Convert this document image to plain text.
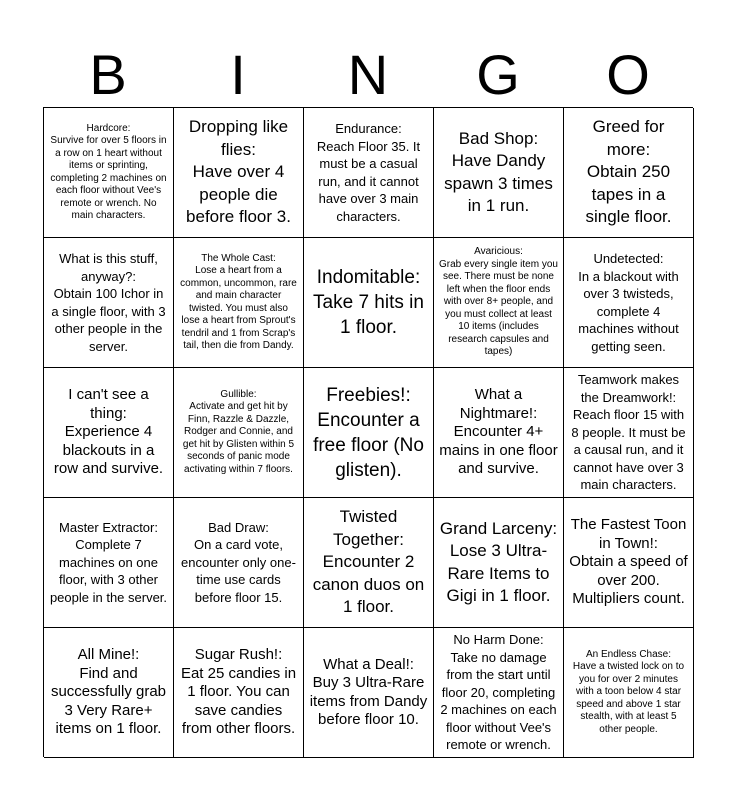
B	I	N	G	O
Hardcore:
Survive for over 5 floors in a row on 1 heart without items or sprinting, completing 2 machines on each floor without Vee's remote or wrench. No main characters.
Dropping like flies:
Have over 4 people die before floor 3.
Endurance:
Reach Floor 35. It must be a casual run, and it cannot have over 3 main characters.
Bad Shop:
Have Dandy spawn 3 times in 1 run.
Greed for more:
Obtain 250 tapes in a single floor.
What is this stuff, anyway?:
Obtain 100 Ichor in a single floor, with 3 other people in the server.
The Whole Cast:
Lose a heart from a common, uncommon, rare and main character twisted. You must also lose a heart from Sprout's tendril and 1 from Scrap's tail, then die from Dandy.
Indomitable:
Take 7 hits in 1 floor.
Avaricious:
Grab every single item you see. There must be none left when the floor ends with over 8+ people, and you must collect at least 10 items (includes research capsules and tapes)
Undetected:
In a blackout with over 3 twisteds, complete 4 machines without getting seen.
I can't see a thing:
Experience 4 blackouts in a row and survive.
Gullible:
Activate and get hit by Finn, Razzle & Dazzle, Rodger and Connie, and get hit by Glisten within 5 seconds of panic mode activating within 7 floors.
Freebies!:
Encounter a free floor (No glisten).
What a Nightmare!:
Encounter 4+ mains in one floor and survive.
Teamwork makes the Dreamwork!:
Reach floor 15 with 8 people. It must be a causal run, and it cannot have over 3 main characters.
Master Extractor:
Complete 7 machines on one floor, with 3 other people in the server.
Bad Draw:
On a card vote, encounter only one-time use cards before floor 15.
Twisted Together:
Encounter 2 canon duos on 1 floor.
Grand Larceny:
Lose 3 Ultra-Rare Items to Gigi in 1 floor.
The Fastest Toon in Town!:
Obtain a speed of over 200. Multipliers count.
All Mine!:
Find and successfully grab 3 Very Rare+ items on 1 floor.
Sugar Rush!:
Eat 25 candies in 1 floor. You can save candies from other floors.
What a Deal!:
Buy 3 Ultra-Rare items from Dandy before floor 10.
No Harm Done:
Take no damage from the start until floor 20, completing 2 machines on each floor without Vee's remote or wrench.
An Endless Chase:
Have a twisted lock on to you for over 2 minutes with a toon below 4 star speed and above 1 star stealth, with at least 5 other people.
